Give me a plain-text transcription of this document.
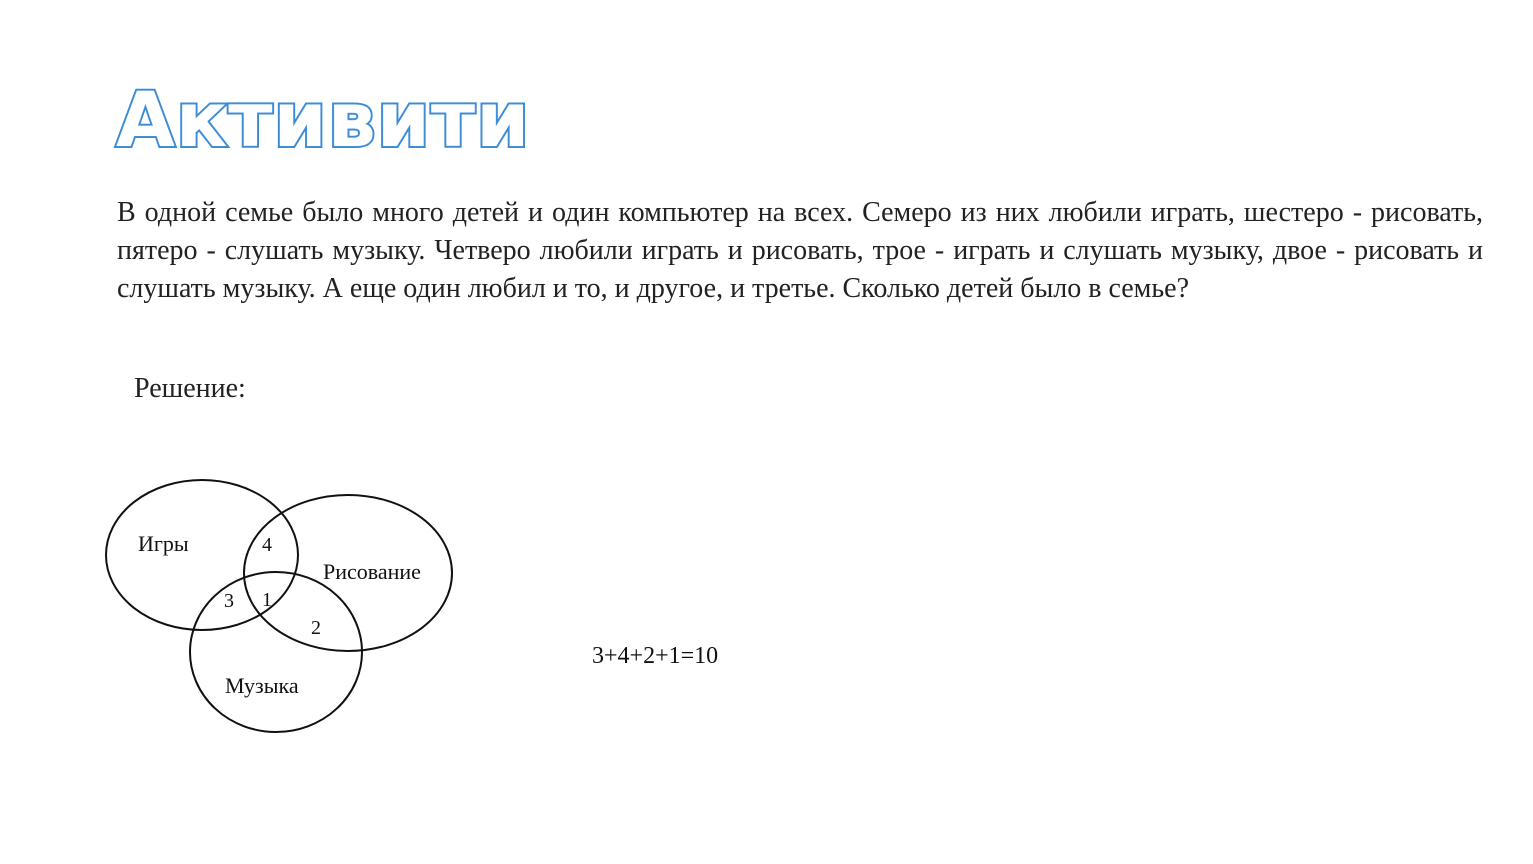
Активити

В одной семье было много детей и один компьютер на всех. Семеро из них любили играть, шестеро - рисовать, пятеро - слушать музыку. Четверо любили играть и рисовать, трое - играть и слушать музыку, двое - рисовать и слушать музыку. А еще один любил и то, и другое, и третье. Сколько детей было в семье?

Решение:

Игры
Рисование
Музыка
4
3 1
2

3+4+2+1=10
